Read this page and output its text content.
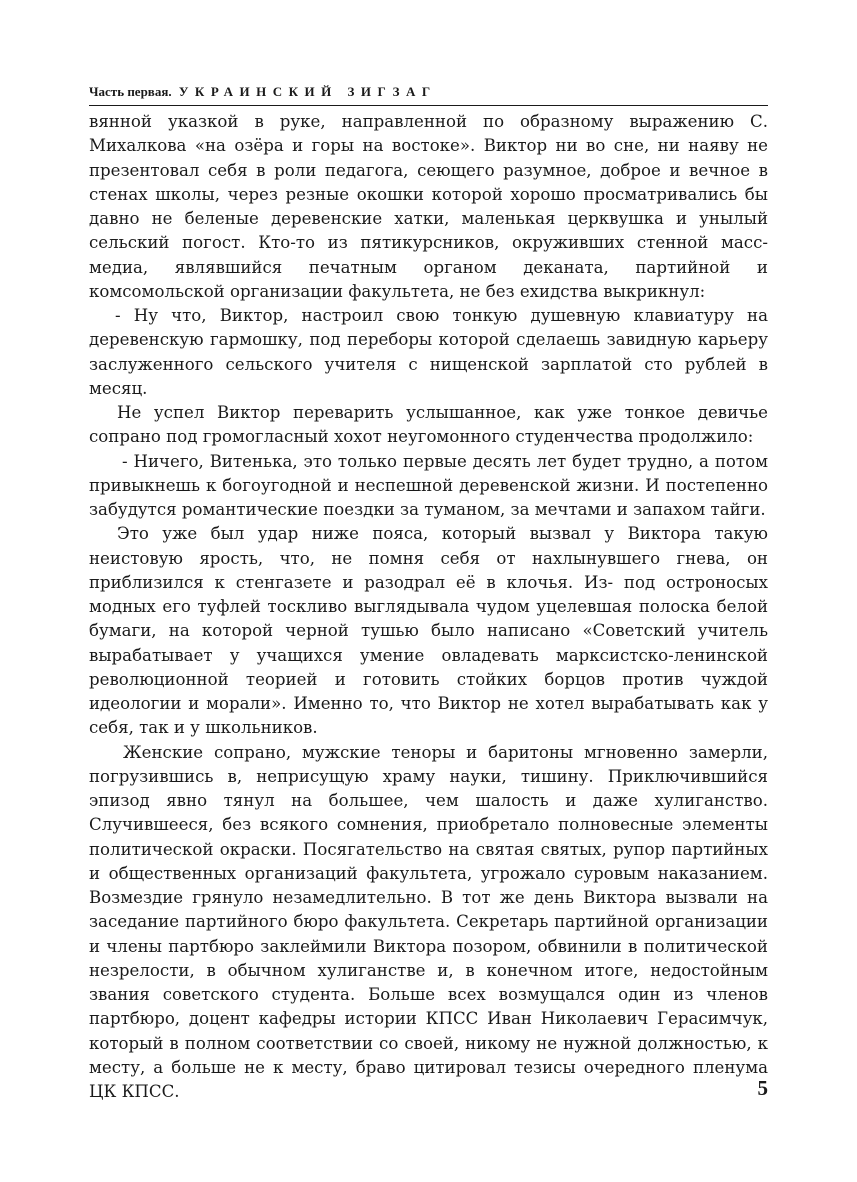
Часть первая. УКРАИНСКИЙ ЗИГЗАГ

вянной указкой в руке, направленной по образному выражению С. Михалкова «на озёра и горы на востоке». Виктор ни во сне, ни наяву не презентовал себя в роли педагога, сеющего разумное, доброе и вечное в стенах школы, через резные окошки которой хорошо просматривались бы давно не беленые деревенские хатки, маленькая церквушка и унылый сельский погост. Кто-то из пятикурсников, окруживших стенной масс-медиа, являвшийся печатным органом деканата, партийной и комсомольской организации факультета, не без ехидства выкрикнул:

- Ну что, Виктор, настроил свою тонкую душевную клавиатуру на деревенскую гармошку, под переборы которой сделаешь завидную карьеру заслуженного сельского учителя с нищенской зарплатой сто рублей в месяц.

Не успел Виктор переварить услышанное, как уже тонкое девичье сопрано под громогласный хохот неугомонного студенчества продолжило:

- Ничего, Витенька, это только первые десять лет будет трудно, а потом привыкнешь к богоугодной и неспешной деревенской жизни. И постепенно забудутся романтические поездки за туманом, за мечтами и запахом тайги.

Это уже был удар ниже пояса, который вызвал у Виктора такую неистовую ярость, что, не помня себя от нахлынувшего гнева, он приблизился к стенгазете и разодрал её в клочья. Из- под остроносых модных его туфлей тоскливо выглядывала чудом уцелевшая полоска белой бумаги, на которой черной тушью было написано «Советский учитель вырабатывает у учащихся умение овладевать марксистско-ленинской революционной теорией и готовить стойких борцов против чуждой идеологии и морали». Именно то, что Виктор не хотел вырабатывать как у себя, так и у школьников.

Женские сопрано, мужские теноры и баритоны мгновенно замерли, погрузившись в, неприсущую храму науки, тишину. Приключившийся эпизод явно тянул на большее, чем шалость и даже хулиганство. Случившееся, без всякого сомнения, приобретало полновесные элементы политической окраски. Посягательство на святая святых, рупор партийных и общественных организаций факультета, угрожало суровым наказанием. Возмездие грянуло незамедлительно. В тот же день Виктора вызвали на заседание партийного бюро факультета. Секретарь партийной организации и члены партбюро заклеймили Виктора позором, обвинили в политической незрелости, в обычном хулиганстве и, в конечном итоге, недостойным звания советского студента. Больше всех возмущался один из членов партбюро, доцент кафедры истории КПСС Иван Николаевич Герасимчук, который в полном соответствии со своей, никому не нужной должностью, к месту, а больше не к месту, браво цитировал тезисы очередного пленума ЦК КПСС.	5
